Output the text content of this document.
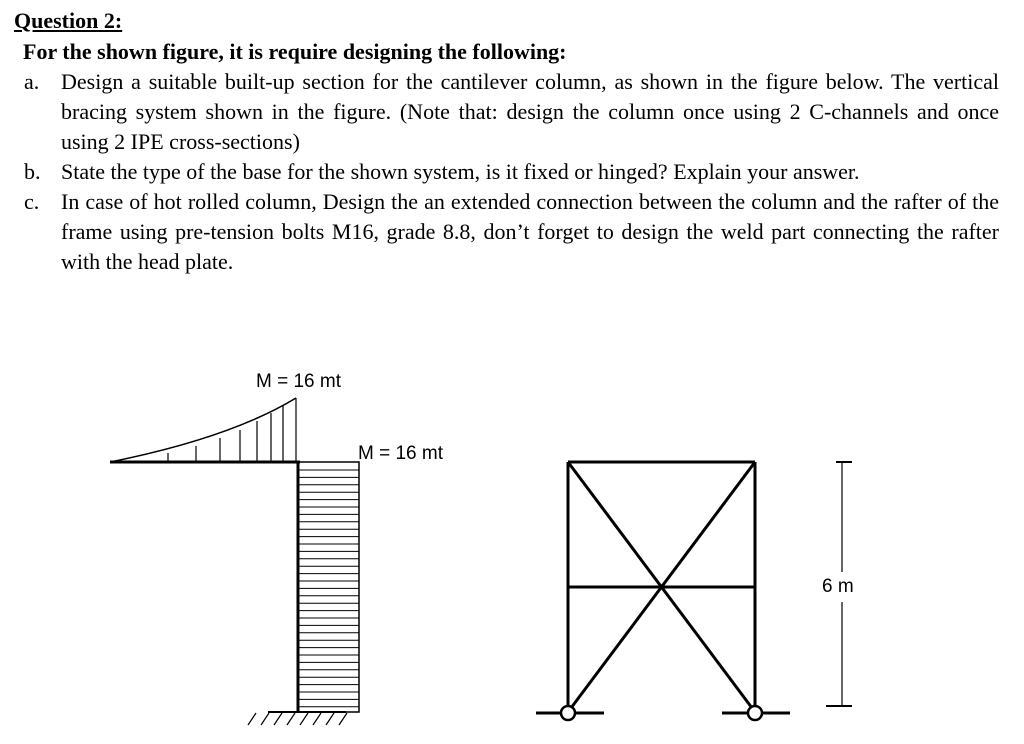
Question 2:

For the shown figure, it is require designing the following:

a. Design a suitable built-up section for the cantilever column, as shown in the figure below. The vertical bracing system shown in the figure. (Note that: design the column once using 2 C-channels and once using 2 IPE cross-sections)
b. State the type of the base for the shown system, is it fixed or hinged? Explain your answer.
c. In case of hot rolled column, Design the an extended connection between the column and the rafter of the frame using pre-tension bolts M16, grade 8.8, don’t forget to design the weld part connecting the rafter with the head plate.
M = 16 mt
M = 16 mt
6 m
